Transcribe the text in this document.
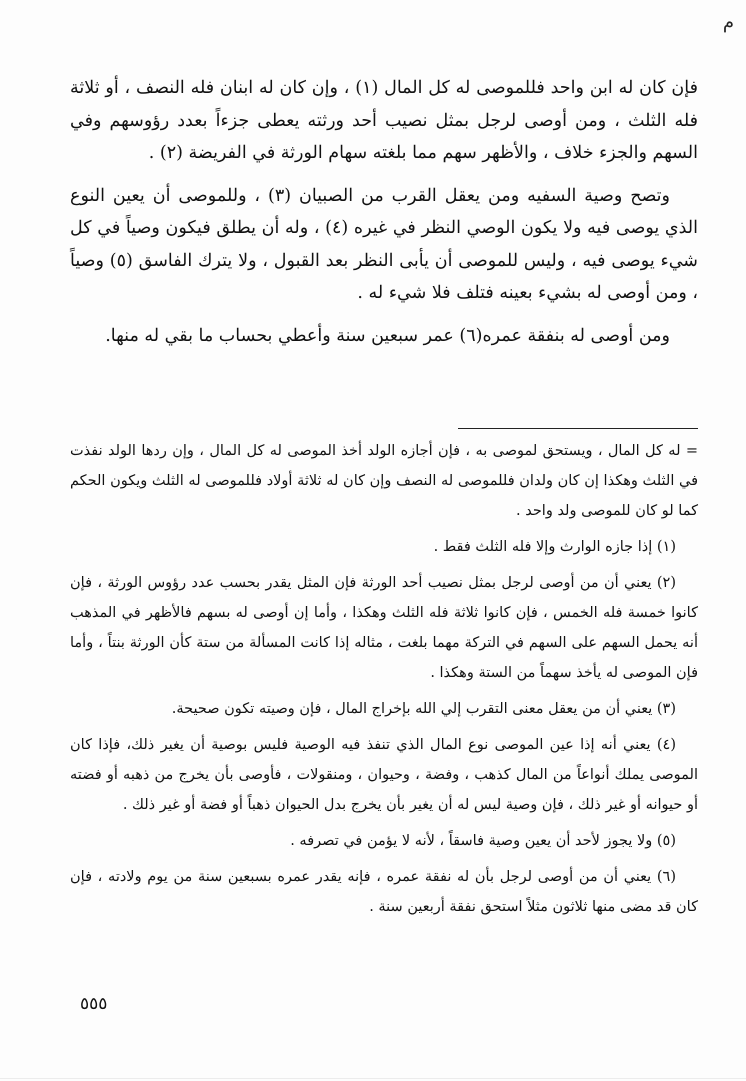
م
فإن كان له ابن واحد فللموصى له كل المال (١) ، وإن كان له ابنان فله النصف ، أو ثلاثة فله الثلث ، ومن أوصى لرجل بمثل نصيب أحد ورثته يعطى جزءاً بعدد رؤوسهم وفي السهم والجزء خلاف ، والأظهر سهم مما بلغته سهام الورثة في الفريضة (٢) .
وتصح وصية السفيه ومن يعقل القرب من الصبيان (٣) ، وللموصى أن يعين النوع الذي يوصى فيه ولا يكون الوصي النظر في غيره (٤) ، وله أن يطلق فيكون وصياً في كل شيء يوصى فيه ، وليس للموصى أن يأبى النظر بعد القبول ، ولا يترك الفاسق (٥) وصياً ، ومن أوصى له بشيء بعينه فتلف فلا شيء له .
ومن أوصى له بنفقة عمره(٦) عمر سبعين سنة وأعطي بحساب ما بقي له منها.
= له كل المال ، ويستحق لموصى به ، فإن أجازه الولد أخذ الموصى له كل المال ، وإن ردها الولد نفذت في الثلث وهكذا إن كان ولدان فللموصى له النصف وإن كان له ثلاثة أولاد فللموصى له الثلث ويكون الحكم كما لو كان للموصى ولد واحد .
(١) إذا جازه الوارث وإلا فله الثلث فقط .
(٢) يعني أن من أوصى لرجل بمثل نصيب أحد الورثة فإن المثل يقدر بحسب عدد رؤوس الورثة ، فإن كانوا خمسة فله الخمس ، فإن كانوا ثلاثة فله الثلث وهكذا ، وأما إن أوصى له بسهم فالأظهر في المذهب أنه يحمل السهم على السهم في التركة مهما بلغت ، مثاله إذا كانت المسألة من ستة كأن الورثة بنتاً ، وأما فإن الموصى له يأخذ سهماً من الستة وهكذا .
(٣) يعني أن من يعقل معنى التقرب إلي الله بإخراج المال ، فإن وصيته تكون صحيحة.
(٤) يعني أنه إذا عين الموصى نوع المال الذي تنفذ فيه الوصية فليس بوصية أن يغير ذلك، فإذا كان الموصى يملك أنواعاً من المال كذهب ، وفضة ، وحيوان ، ومنقولات ، فأوصى بأن يخرج من ذهبه أو فضته أو حيوانه أو غير ذلك ، فإن وصية ليس له أن يغير بأن يخرج بدل الحيوان ذهباً أو فضة أو غير ذلك .
(٥) ولا يجوز لأحد أن يعين وصية فاسقاً ، لأنه لا يؤمن في تصرفه .
(٦) يعني أن من أوصى لرجل بأن له نفقة عمره ، فإنه يقدر عمره بسبعين سنة من يوم ولادته ، فإن كان قد مضى منها ثلاثون مثلاً استحق نفقة أربعين سنة .
٥٥٥
